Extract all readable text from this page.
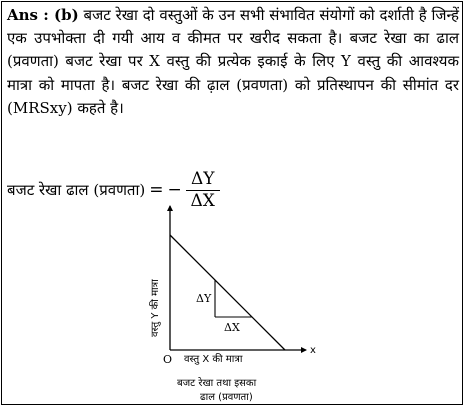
Ans : (b) बजट रेखा दो वस्तुओं के उन सभी संभावित संयोगों को दर्शाती है जिन्हें एक उपभोक्ता दी गयी आय व कीमत पर खरीद सकता है। बजट रेखा का ढाल (प्रवणता) बजट रेखा पर X वस्तु की प्रत्येक इकाई के लिए Y वस्तु की आवश्यक मात्रा को मापता है। बजट रेखा की ढ़ाल (प्रवणता) को प्रतिस्थापन की सीमांत दर (MRSxy) कहते है।
बजट रेखा ढाल (प्रवणता) = − $\frac{\Delta Y}{\Delta X}$
ΔY
ΔX
O
x
वस्तु Y की मात्रा
वस्तु X की मात्रा
बजट रेखा तथा इसका
ढाल (प्रवणता)
